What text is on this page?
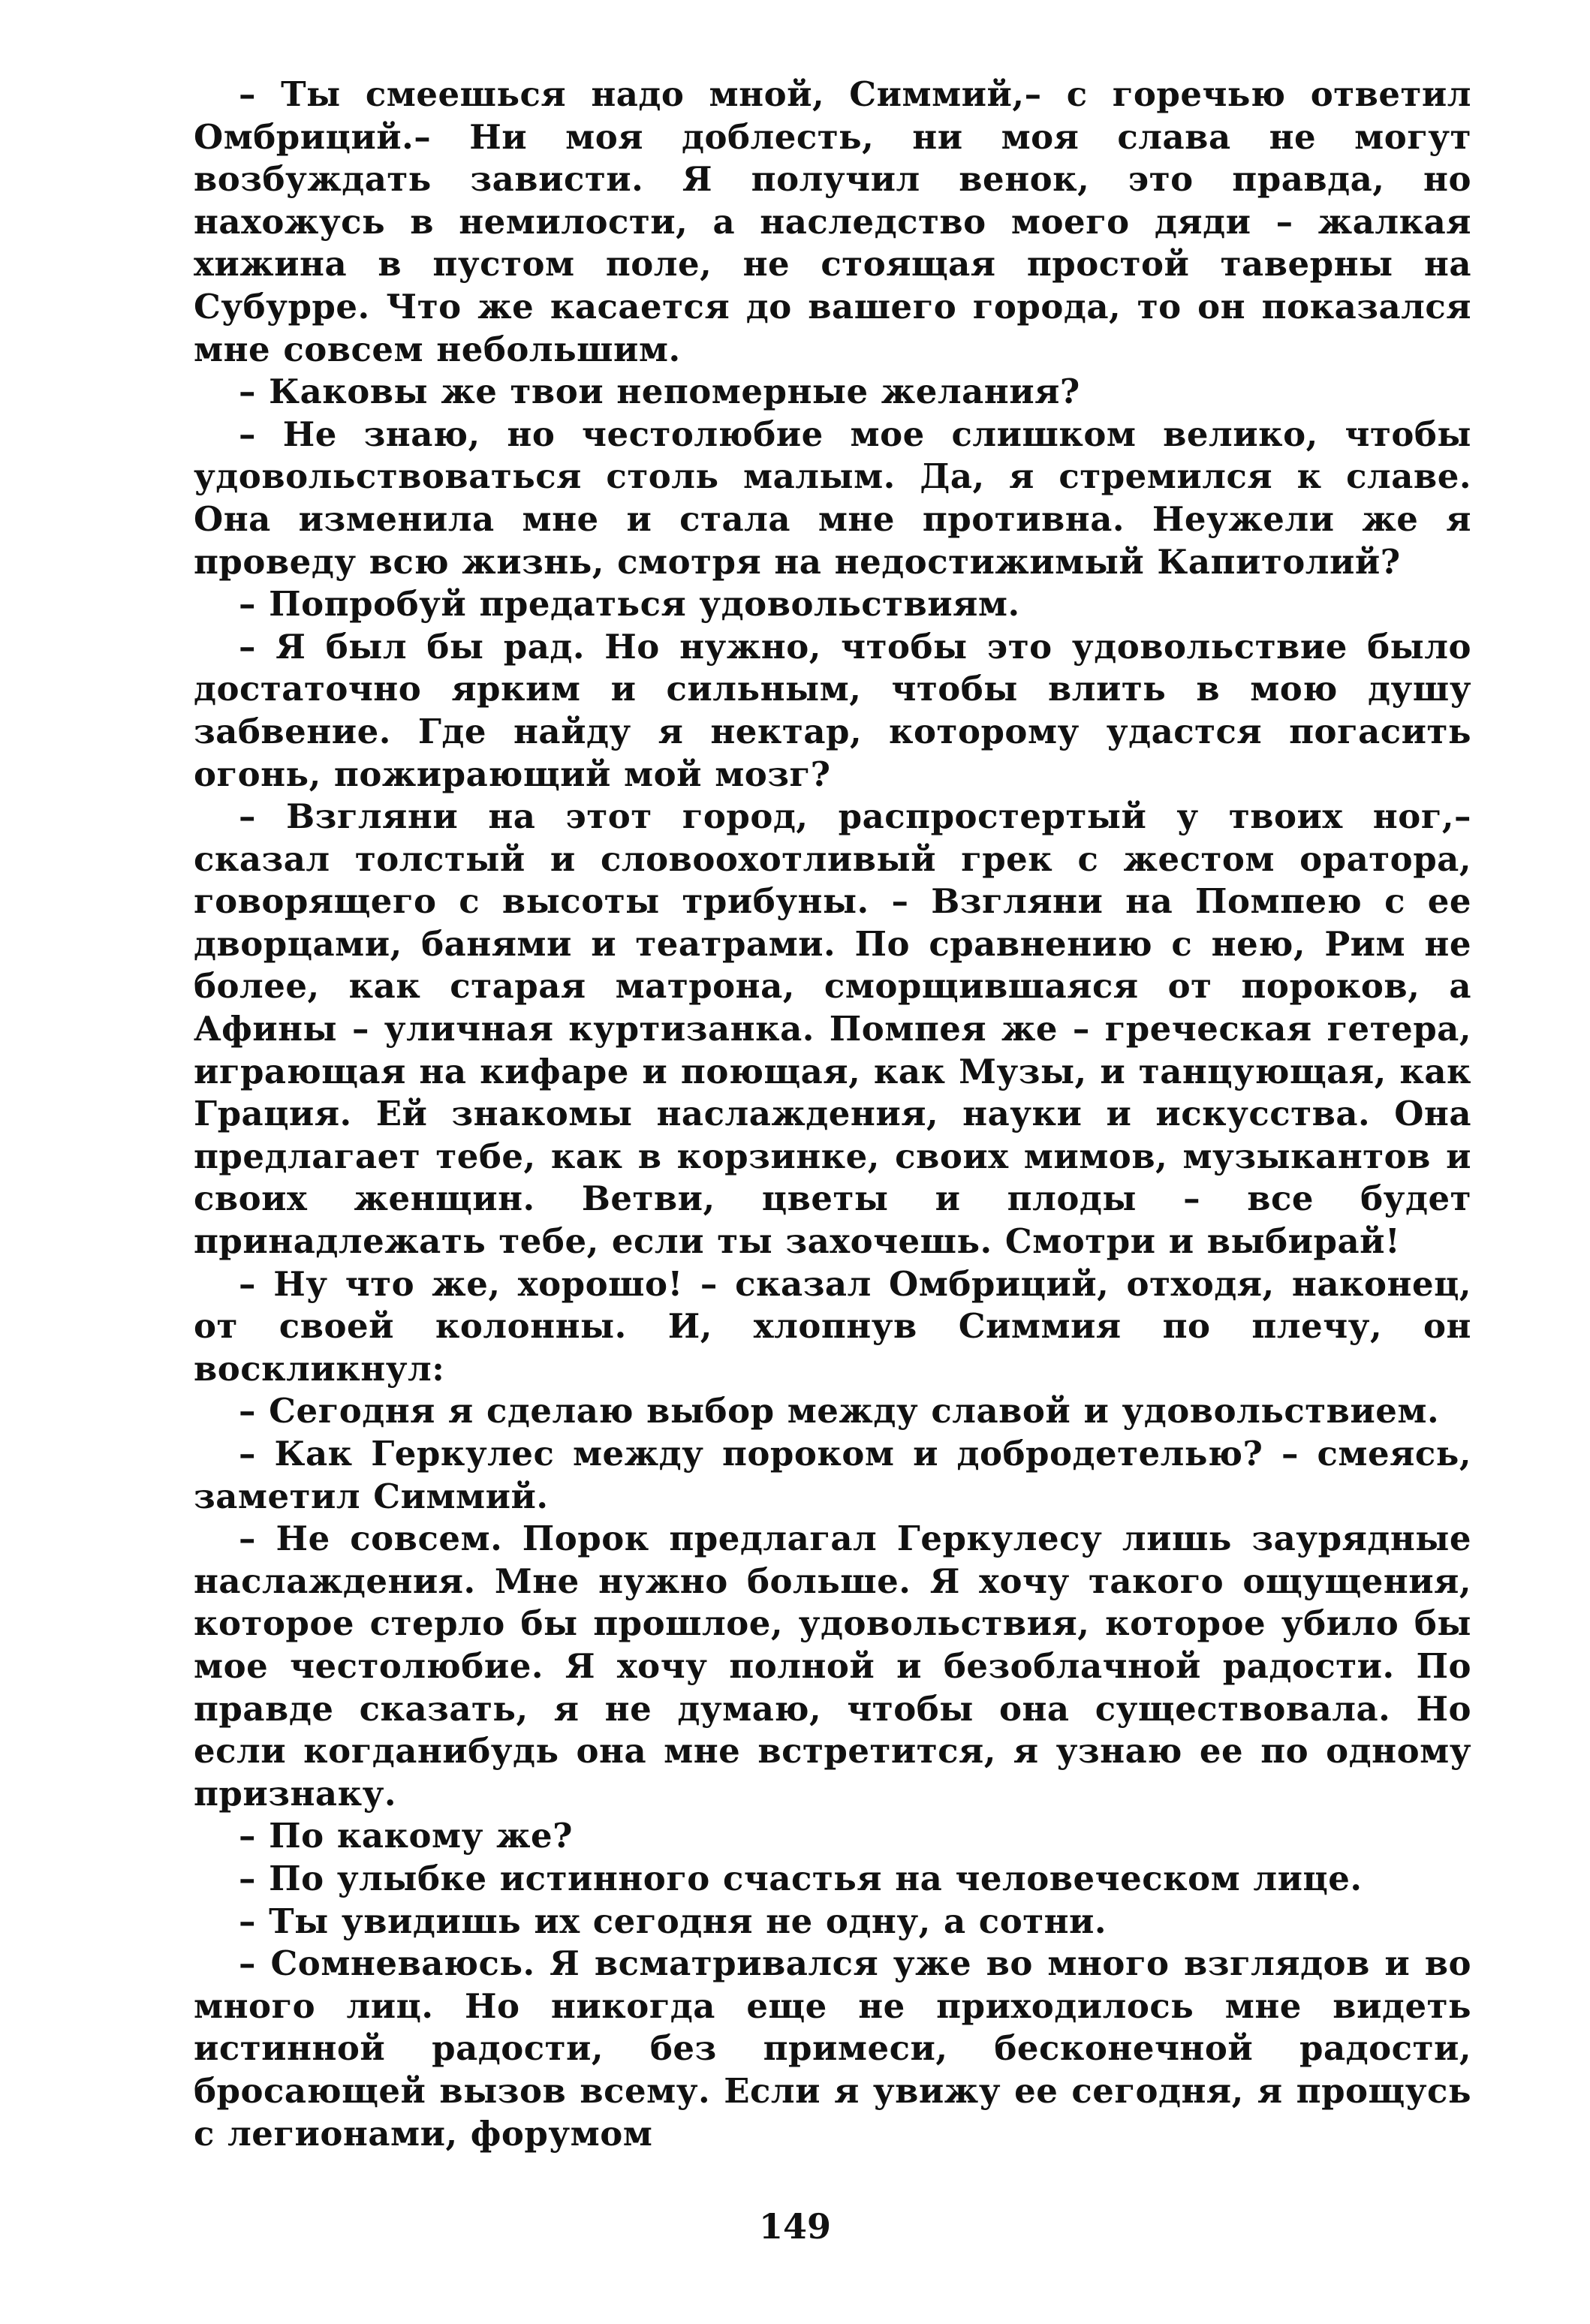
– Ты смеешься надо мной, Симмий,– с горечью ответил Омбриций.– Ни моя доблесть, ни моя слава не могут возбуждать зависти. Я получил венок, это правда, но нахожусь в немилости, а наследство моего дяди – жалкая хижина в пустом поле, не стоящая простой таверны на Субурре. Что же касается до вашего города, то он показался мне совсем небольшим.

– Каковы же твои непомерные желания?

– Не знаю, но честолюбие мое слишком велико, чтобы удовольствоваться столь малым. Да, я стремился к славе. Она изменила мне и стала мне противна. Неужели же я проведу всю жизнь, смотря на недостижимый Капитолий?

– Попробуй предаться удовольствиям.

– Я был бы рад. Но нужно, чтобы это удовольствие было достаточно ярким и сильным, чтобы влить в мою душу забвение. Где найду я нектар, которому удастся погасить огонь, пожирающий мой мозг?

– Взгляни на этот город, распростертый у твоих ног,– сказал толстый и словоохотливый грек с жестом оратора, говорящего с высоты трибуны. – Взгляни на Помпею с ее дворцами, банями и театрами. По сравнению с нею, Рим не более, как старая матрона, сморщившаяся от пороков, а Афины – уличная куртизанка. Помпея же – греческая гетера, играющая на кифаре и поющая, как Музы, и танцующая, как Грация. Ей знакомы наслаждения, науки и искусства. Она предлагает тебе, как в корзинке, своих мимов, музыкантов и своих женщин. Ветви, цветы и плоды – все будет принадлежать тебе, если ты захочешь. Смотри и выбирай!

– Ну что же, хорошо! – сказал Омбриций, отходя, наконец, от своей колонны. И, хлопнув Симмия по плечу, он воскликнул:

– Сегодня я сделаю выбор между славой и удовольствием.

– Как Геркулес между пороком и добродетелью? – смеясь, заметил Симмий.

– Не совсем. Порок предлагал Геркулесу лишь заурядные наслаждения. Мне нужно больше. Я хочу такого ощущения, которое стерло бы прошлое, удовольствия, которое убило бы мое честолюбие. Я хочу полной и безоблачной радости. По правде сказать, я не думаю, чтобы она существовала. Но если когданибудь она мне встретится, я узнаю ее по одному признаку.

– По какому же?

– По улыбке истинного счастья на человеческом лице.

– Ты увидишь их сегодня не одну, а сотни.

– Сомневаюсь. Я всматривался уже во много взглядов и во много лиц. Но никогда еще не приходилось мне видеть истинной радости, без примеси, бесконечной радости, бросающей вызов всему. Если я увижу ее сегодня, я прощусь с легионами, форумом

149
